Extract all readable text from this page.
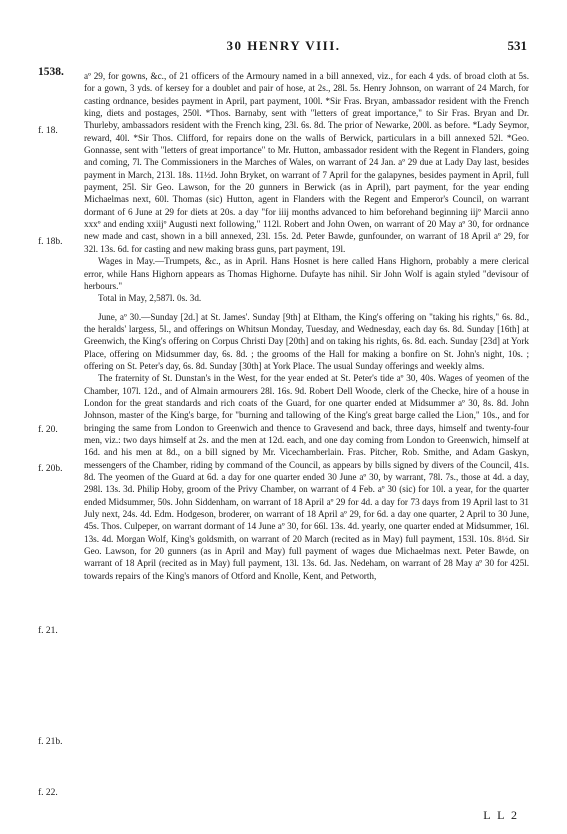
30 HENRY VIII.	531
1538.
f. 18.
f. 18b.
f. 20.
f. 20b.
f. 21.
f. 21b.
f. 22.

aº 29, for gowns, &c., of 21 officers of the Armoury named in a bill annexed, viz., for each 4 yds. of broad cloth at 5s. for a gown, 3 yds. of kersey for a doublet and pair of hose, at 2s., 28l. 5s. Henry Johnson, on warrant of 24 March, for casting ordnance, besides payment in April, part payment, 100l. *Sir Fras. Bryan, ambassador resident with the French king, diets and postages, 250l. *Thos. Barnaby, sent with "letters of great importance," to Sir Fras. Bryan and Dr. Thurleby, ambassadors resident with the French king, 23l. 6s. 8d. The prior of Newarke, 200l. as before. *Lady Seymor, reward, 40l. *Sir Thos. Clifford, for repairs done on the walls of Berwick, particulars in a bill annexed 52l. *Geo. Gonnasse, sent with "letters of great importance" to Mr. Hutton, ambassador resident with the Regent in Flanders, going and coming, 7l. The Commissioners in the Marches of Wales, on warrant of 24 Jan. aº 29 due at Lady Day last, besides payment in March, 213l. 18s. 11½d. John Bryket, on warrant of 7 April for the galapynes, besides payment in April, full payment, 25l. Sir Geo. Lawson, for the 20 gunners in Berwick (as in April), part payment, for the year ending Michaelmas next, 60l. Thomas (sic) Hutton, agent in Flanders with the Regent and Emperor's Council, on warrant dormant of 6 June at 29 for diets at 20s. a day "for iiij months advanced to him beforehand beginning iijº Marcii anno xxxº and ending xxiijº Augusti next following," 112l. Robert and John Owen, on warrant of 20 May aº 30, for ordnance new made and cast, shown in a bill annexed, 23l. 15s. 2d. Peter Bawde, gunfounder, on warrant of 18 April aº 29, for 32l. 13s. 6d. for casting and new making brass guns, part payment, 19l.

Wages in May.—Trumpets, &c., as in April. Hans Hosnet is here called Hans Highorn, probably a mere clerical error, while Hans Highorn appears as Thomas Highorne. Dufayte has nihil. Sir John Wolf is again styled "devisour of herbours."

Total in May, 2,587l. 0s. 3d.

June, aº 30.—Sunday [2d.] at St. James'. Sunday [9th] at Eltham, the King's offering on "taking his rights," 6s. 8d., the heralds' largess, 5l., and offerings on Whitsun Monday, Tuesday, and Wednesday, each day 6s. 8d. Sunday [16th] at Greenwich, the King's offering on Corpus Christi Day [20th] and on taking his rights, 6s. 8d. each. Sunday [23d] at York Place, offering on Midsummer day, 6s. 8d. ; the grooms of the Hall for making a bonfire on St. John's night, 10s. ; offering on St. Peter's day, 6s. 8d. Sunday [30th] at York Place. The usual Sunday offerings and weekly alms.

The fraternity of St. Dunstan's in the West, for the year ended at St. Peter's tide aº 30, 40s. Wages of yeomen of the Chamber, 107l. 12d., and of Almain armourers 28l. 16s. 9d. Robert Dell Woode, clerk of the Checke, hire of a house in London for the great standards and rich coats of the Guard, for one quarter ended at Midsummer aº 30, 8s. 8d. John Johnson, master of the King's barge, for "burning and tallowing of the King's great barge called the Lion," 10s., and for bringing the same from London to Greenwich and thence to Gravesend and back, three days, himself and twenty-four men, viz.: two days himself at 2s. and the men at 12d. each, and one day coming from London to Greenwich, himself at 16d. and his men at 8d., on a bill signed by Mr. Vicechamberlain. Fras. Pitcher, Rob. Smithe, and Adam Gaskyn, messengers of the Chamber, riding by command of the Council, as appears by bills signed by divers of the Council, 41s. 8d. The yeomen of the Guard at 6d. a day for one quarter ended 30 June aº 30, by warrant, 78l. 7s., those at 4d. a day, 298l. 13s. 3d. Philip Hoby, groom of the Privy Chamber, on warrant of 4 Feb. aº 30 (sic) for 10l. a year, for the quarter ended Midsummer, 50s. John Siddenham, on warrant of 18 April aº 29 for 4d. a day for 73 days from 19 April last to 31 July next, 24s. 4d. Edm. Hodgeson, broderer, on warrant of 18 April aº 29, for 6d. a day one quarter, 2 April to 30 June, 45s. Thos. Culpeper, on warrant dormant of 14 June aº 30, for 66l. 13s. 4d. yearly, one quarter ended at Midsummer, 16l. 13s. 4d. Morgan Wolf, King's goldsmith, on warrant of 20 March (recited as in May) full payment, 153l. 10s. 8½d. Sir Geo. Lawson, for 20 gunners (as in April and May) full payment of wages due Michaelmas next. Peter Bawde, on warrant of 18 April (recited as in May) full payment, 13l. 13s. 6d. Jas. Nedeham, on warrant of 28 May aº 30 for 425l. towards repairs of the King's manors of Otford and Knolle, Kent, and Petworth,

L L 2
